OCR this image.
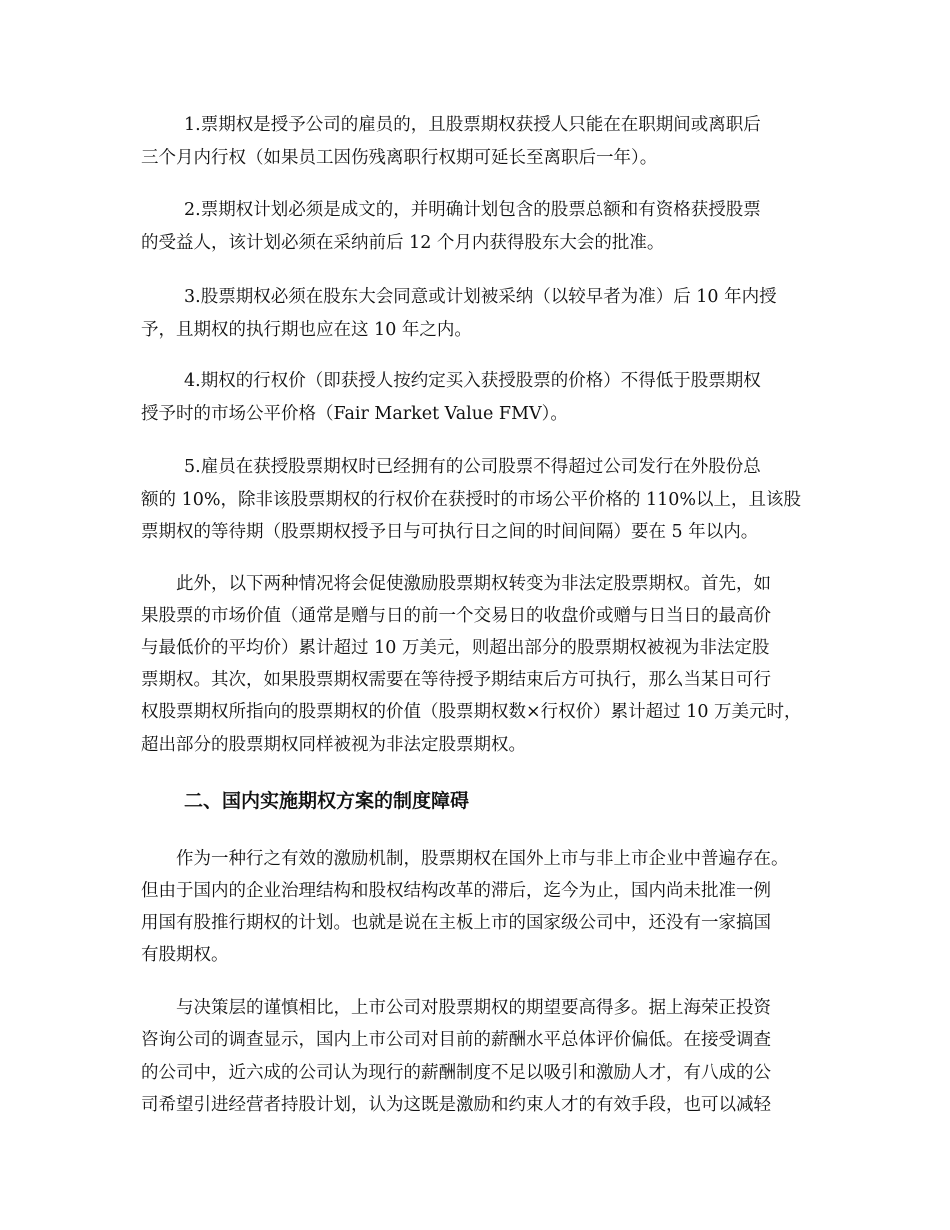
1.票期权是授予公司的雇员的，且股票期权获授人只能在在职期间或离职后
三个月内行权（如果员工因伤残离职行权期可延长至离职后一年）。
2.票期权计划必须是成文的，并明确计划包含的股票总额和有资格获授股票
的受益人，该计划必须在采纳前后 12 个月内获得股东大会的批准。
3.股票期权必须在股东大会同意或计划被采纳（以较早者为准）后 10 年内授
予，且期权的执行期也应在这 10 年之内。
4.期权的行权价（即获授人按约定买入获授股票的价格）不得低于股票期权
授予时的市场公平价格（Fair Market Value FMV）。
5.雇员在获授股票期权时已经拥有的公司股票不得超过公司发行在外股份总
额的 10%，除非该股票期权的行权价在获授时的市场公平价格的 110%以上，且该股
票期权的等待期（股票期权授予日与可执行日之间的时间间隔）要在 5 年以内。
此外，以下两种情况将会促使激励股票期权转变为非法定股票期权。首先，如
果股票的市场价值（通常是赠与日的前一个交易日的收盘价或赠与日当日的最高价
与最低价的平均价）累计超过 10 万美元，则超出部分的股票期权被视为非法定股
票期权。其次，如果股票期权需要在等待授予期结束后方可执行，那么当某日可行
权股票期权所指向的股票期权的价值（股票期权数×行权价）累计超过 10 万美元时，
超出部分的股票期权同样被视为非法定股票期权。
二、国内实施期权方案的制度障碍
作为一种行之有效的激励机制，股票期权在国外上市与非上市企业中普遍存在。
但由于国内的企业治理结构和股权结构改革的滞后，迄今为止，国内尚未批准一例
用国有股推行期权的计划。也就是说在主板上市的国家级公司中，还没有一家搞国
有股期权。
与决策层的谨慎相比，上市公司对股票期权的期望要高得多。据上海荣正投资
咨询公司的调查显示，国内上市公司对目前的薪酬水平总体评价偏低。在接受调查
的公司中，近六成的公司认为现行的薪酬制度不足以吸引和激励人才，有八成的公
司希望引进经营者持股计划，认为这既是激励和约束人才的有效手段，也可以减轻
